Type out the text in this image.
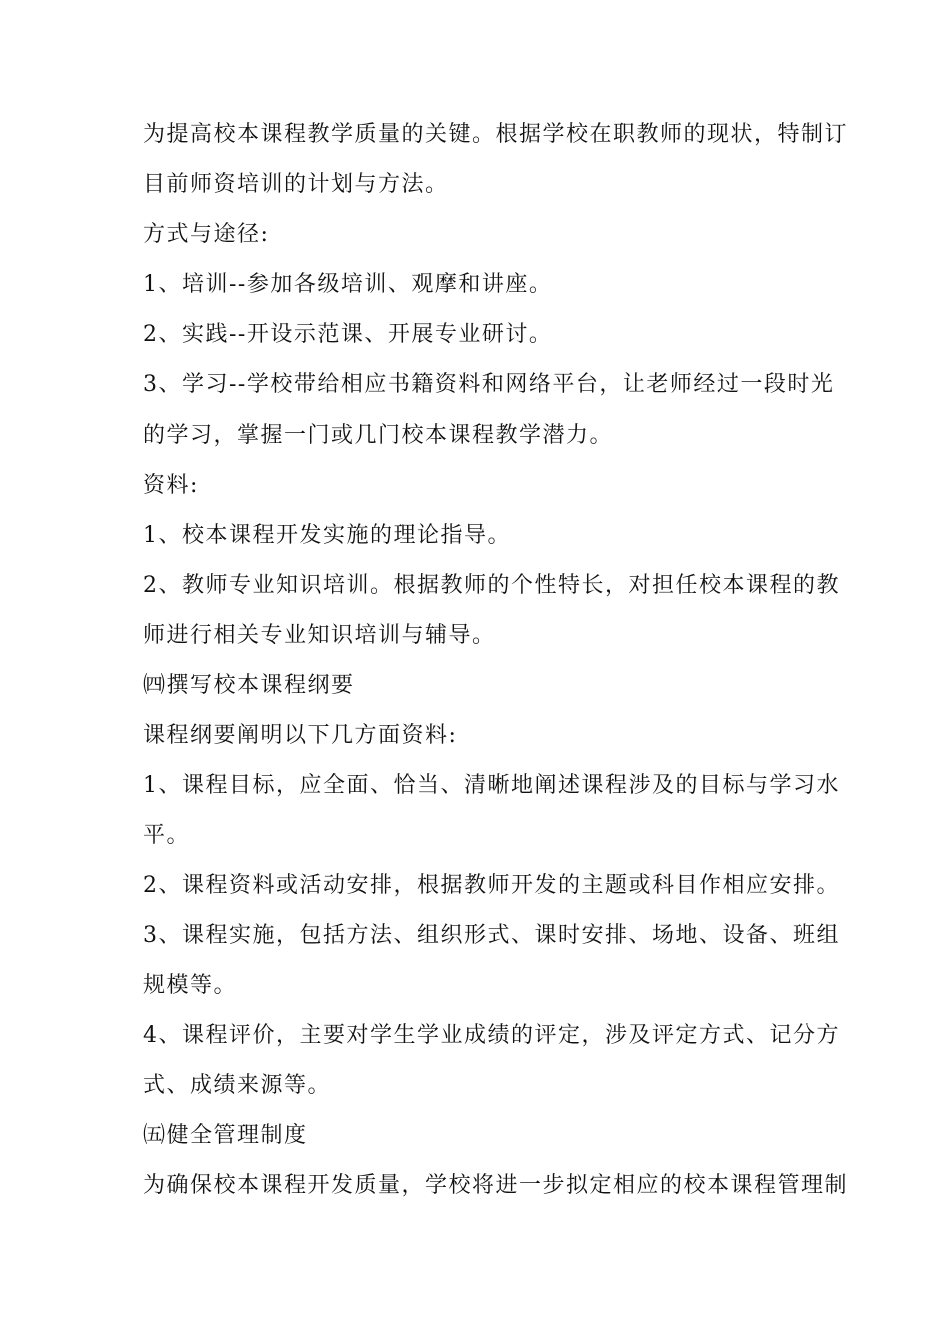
为提高校本课程教学质量的关键。根据学校在职教师的现状，特制订
目前师资培训的计划与方法。
方式与途径:
1、培训--参加各级培训、观摩和讲座。
2、实践--开设示范课、开展专业研讨。
3、学习--学校带给相应书籍资料和网络平台，让老师经过一段时光
的学习，掌握一门或几门校本课程教学潜力。
资料:
1、校本课程开发实施的理论指导。
2、教师专业知识培训。根据教师的个性特长，对担任校本课程的教
师进行相关专业知识培训与辅导。
㈣撰写校本课程纲要
课程纲要阐明以下几方面资料:
1、课程目标，应全面、恰当、清晰地阐述课程涉及的目标与学习水
平。
2、课程资料或活动安排，根据教师开发的主题或科目作相应安排。
3、课程实施，包括方法、组织形式、课时安排、场地、设备、班组
规模等。
4、课程评价，主要对学生学业成绩的评定，涉及评定方式、记分方
式、成绩来源等。
㈤健全管理制度
为确保校本课程开发质量，学校将进一步拟定相应的校本课程管理制
